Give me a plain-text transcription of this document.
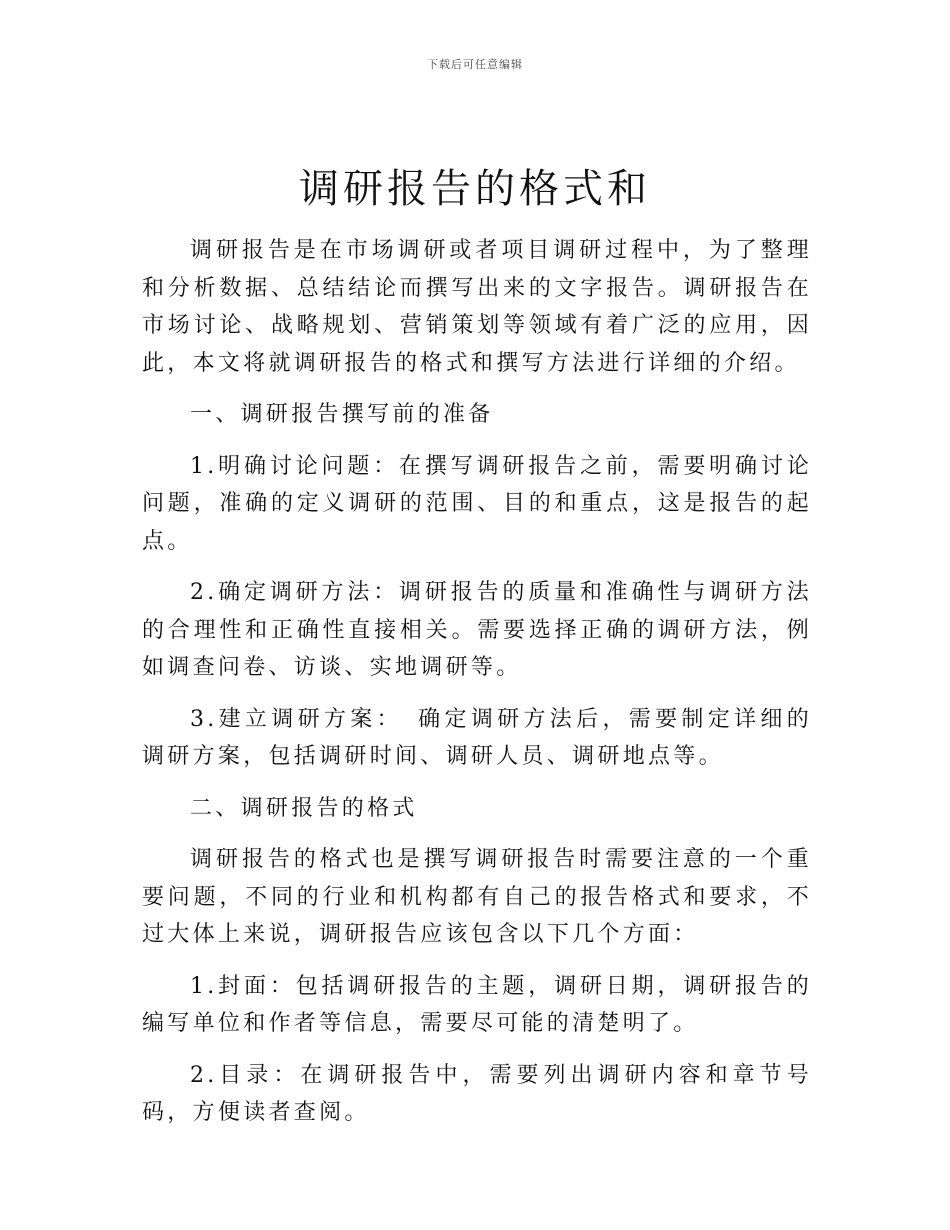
下载后可任意编辑
调研报告的格式和

调研报告是在市场调研或者项目调研过程中，为了整理和分析数据、总结结论而撰写出来的文字报告。调研报告在市场讨论、战略规划、营销策划等领域有着广泛的应用，因此，本文将就调研报告的格式和撰写方法进行详细的介绍。

一、调研报告撰写前的准备

1.明确讨论问题：在撰写调研报告之前，需要明确讨论问题，准确的定义调研的范围、目的和重点，这是报告的起点。

2.确定调研方法：调研报告的质量和准确性与调研方法的合理性和正确性直接相关。需要选择正确的调研方法，例如调查问卷、访谈、实地调研等。

3.建立调研方案：　确定调研方法后，需要制定详细的调研方案，包括调研时间、调研人员、调研地点等。

二、调研报告的格式

调研报告的格式也是撰写调研报告时需要注意的一个重要问题，不同的行业和机构都有自己的报告格式和要求，不过大体上来说，调研报告应该包含以下几个方面：

1.封面：包括调研报告的主题，调研日期，调研报告的编写单位和作者等信息，需要尽可能的清楚明了。

2.目录：在调研报告中，需要列出调研内容和章节号码，方便读者查阅。
